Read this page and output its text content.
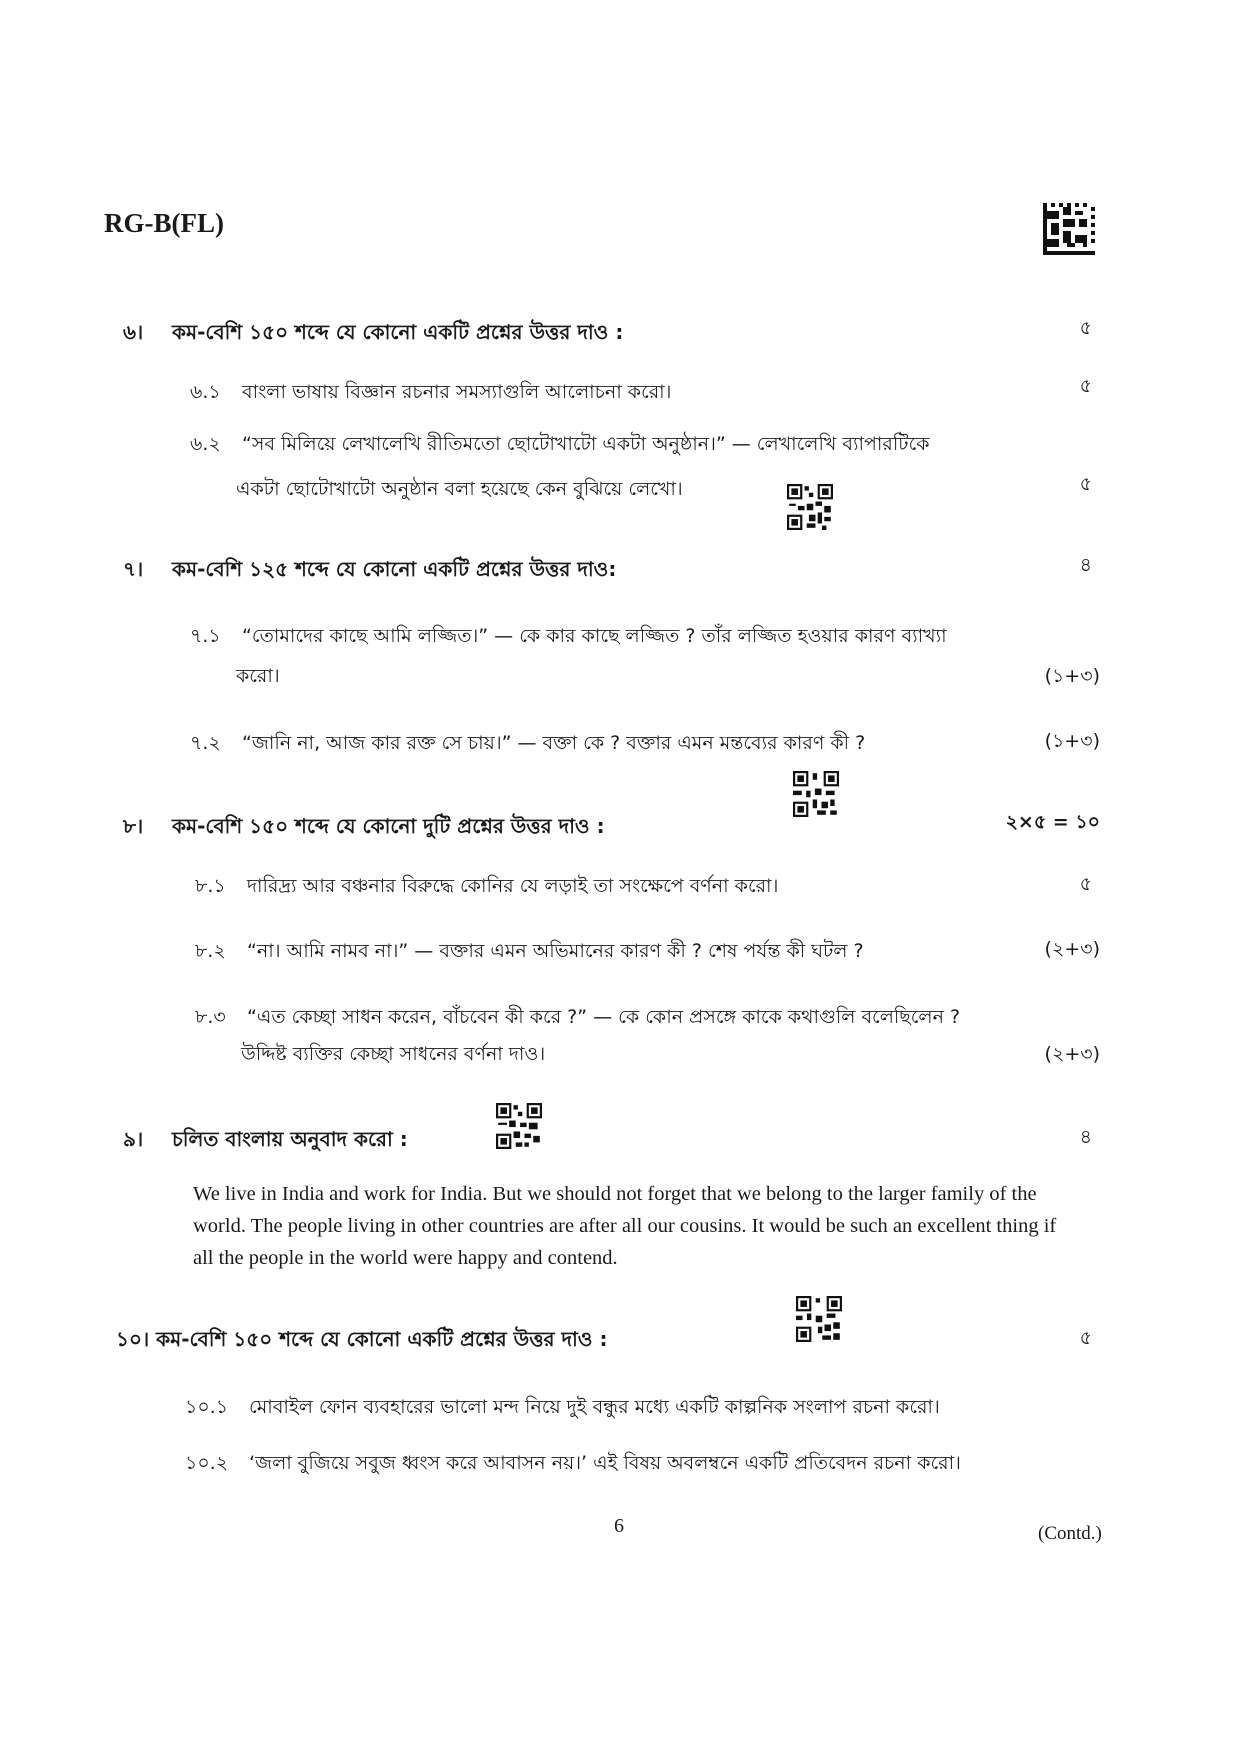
RG-B(FL)
৬। কম-বেশি ১৫০ শব্দে যে কোনো একটি প্রশ্নের উত্তর দাও :	৫
৬.১ বাংলা ভাষায় বিজ্ঞান রচনার সমস্যাগুলি আলোচনা করো।	৫
৬.২ “সব মিলিয়ে লেখালেখি রীতিমতো ছোটোখাটো একটা অনুষ্ঠান।” — লেখালেখি ব্যাপারটিকে
একটা ছোটোখাটো অনুষ্ঠান বলা হয়েছে কেন বুঝিয়ে লেখো।	৫
৭। কম-বেশি ১২৫ শব্দে যে কোনো একটি প্রশ্নের উত্তর দাও:	৪
৭.১ “তোমাদের কাছে আমি লজ্জিত।” — কে কার কাছে লজ্জিত ? তাঁর লজ্জিত হওয়ার কারণ ব্যাখ্যা
করো।	(১+৩)
৭.২ “জানি না, আজ কার রক্ত সে চায়।” — বক্তা কে ? বক্তার এমন মন্তব্যের কারণ কী ?	(১+৩)
৮। কম-বেশি ১৫০ শব্দে যে কোনো দুটি প্রশ্নের উত্তর দাও :	২×৫ = ১০
৮.১ দারিদ্র্য আর বঞ্চনার বিরুদ্ধে কোনির যে লড়াই তা সংক্ষেপে বর্ণনা করো।	৫
৮.২ “না। আমি নামব না।” — বক্তার এমন অভিমানের কারণ কী ? শেষ পর্যন্ত কী ঘটল ?	(২+৩)
৮.৩ “এত কেচ্ছা সাধন করেন, বাঁচবেন কী করে ?” — কে কোন প্রসঙ্গে কাকে কথাগুলি বলেছিলেন ?
উদ্দিষ্ট ব্যক্তির কেচ্ছা সাধনের বর্ণনা দাও।	(২+৩)
৯। চলিত বাংলায় অনুবাদ করো :	৪
We live in India and work for India. But we should not forget that we belong to the larger family of the world. The people living in other countries are after all our cousins. It would be such an excellent thing if all the people in the world were happy and contend.
১০। কম-বেশি ১৫০ শব্দে যে কোনো একটি প্রশ্নের উত্তর দাও :	৫
১০.১ মোবাইল ফোন ব্যবহারের ভালো মন্দ নিয়ে দুই বন্ধুর মধ্যে একটি কাল্পনিক সংলাপ রচনা করো।
১০.২ ‘জলা বুজিয়ে সবুজ ধ্বংস করে আবাসন নয়।’ এই বিষয় অবলম্বনে একটি প্রতিবেদন রচনা করো।
6	(Contd.)
